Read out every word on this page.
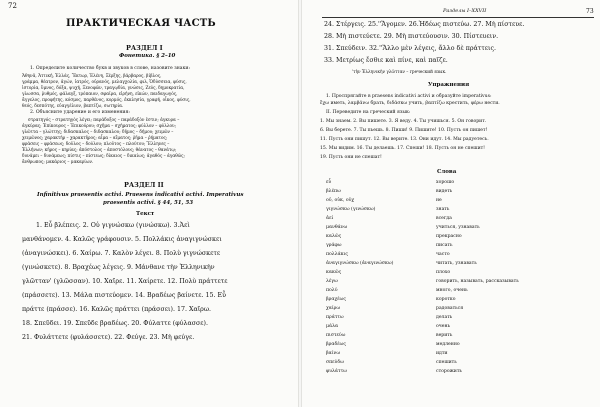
72
ПРАКТИЧЕСКАЯ ЧАСТЬ
РАЗДЕЛ I
Фонетика. § 2–10
1. Определите количество букв и звуков в слове, назовите знаки:
Ἀθηνᾶ, Ἀττική, Ἑλλάς, Ἕκτωρ, Ἑλένη, Ξέρξης, βάρβαρος, βίβλος,
γράμμα, θέατρον, ἀγών, ἰατρός, οὐρανός, μελαγχολία, φιλ, Ὀδύσσεια, φύσις,
ἱστορία, ὕμνος, δόξα, ψυχή, Ξενοφῶν, τραγῳδία, γνώσις, Ζεύς, δημοκρατία,
γλωσσα, ῥυθμός, φάλαγξ, τρόπαιον, σφαῖρα, εἰρήνη, εἰκών, παιδαγωγός,
ἄγγελος, προφήτης, κόσμος, παρθένος, κορμός, ἐκκλησία, γραφή, οἶκος, φύσις,
θεός, δεσπότης, εὐαγγέλιον, βαπτίζω, σωτηρία.
2. Объясните ударение и его изменения:
στρατηγός – στρατηγὸς λέγει; παράδοξος – παράδοξὸν ἐστιν; ἀγκυρα –
ἀγκύρας; Ἐπίκουρος – Ἐπικούρου; σχῆμα – σχήματος; φύλλον – φύλλου;
γλῶττα – γλώττης; διδασκαλος – διδασκαλου; δῆμος – δήμου; χειμῶν –
χειμῶνος; χαρακτήρ – χαρακτῆρος; αἷμα – αἵματος; ῥῆμα – ῥήματος;
φράσεις – φράσεως; δοῦλος – δούλου; πλοῦτος – πλούτου; Ἕλληνες –
Ἑλλήνων; κῆρος – κηρίας; ἀπόστολος – ἀποστόλους; θάνατος – θανάτῳ;
δυνάμει – δυνάμεως; πίστις – πίστεως; δίκαιος – δικαίως; ἀγαθός – ἀγαθῶς;
ἄνθρωπος; μακάριος – μακαρίων.
РАЗДЕЛ II
Infinitivus praesentis activi. Praesens indicativi activi. Imperativus
praesentis activi. § 44, 51, 53
Текст
1. Εὖ βλέπεις. 2. Οὐ γιγνώσκω (γινώσκω). 3.Ἀεὶ
μανθάνομεν. 4. Καλῶς γράφουσιν. 5. Πολλάκις ἀναγιγνώσκει
(ἀναγινώσκει). 6. Χαίρω. 7. Καλὸν λέγει. 8. Πολὺ γιγνώσκετε
(γινώσκετε). 8. Βραχέως λέγεις. 9. Μάνθανε τὴν Ἑλληνικὴν
γλῶτταν' (γλῶσσαν). 10. Χαῖρε. 11. Χαίρετε. 12. Πολὺ πράττετε
(πράσσετε). 13. Μάλα πιστεύομεν. 14. Βραδέως βαίνετε. 15. Εὖ
πράττε (πράσσε). 16. Καλῶς πράττει (πράσσει). 17. Χαῖρω.
18. Σπεῦδει. 19. Σπεῦδε βραδέως. 20. Φύλαττε (φύλασσε).
21. Φυλάττετε (φυλάσσετε). 22. Φεύγε. 23. Μὴ φεύγε.
Разделы I–XXVII	73
24. Στέργεις. 25.''Ἄγομεν. 26.Ἡδέως πιστεύω. 27. Μὴ πίστευε.
28. Μὴ πιστεύετε. 29. Μὴ πιστεύουσιν. 30. Πίστευειν.
31. Σπεύδειν. 32.''Ἄλλο μὲν λέγεις, ἄλλο δὲ πράττεις.
33. Μετρίως ἔσθιε καὶ πίνε, καὶ παῖζε.
'τὴν Ἑλληνικὴν γλῶτταν – греческий язык.
Упражнения
1. Проспрягайте в praesens indicativi activi и образуйте imperativus:
ἔχω иметь, λαμβάνω брать, διδάσκω учить, βαπτίζω крестить, φέρω нести.
II. Переведите на греческий язык:
1. Мы знаем. 2. Вы пишете. 3. Я веду. 4. Ты учишься. 5. Он говорит.
6. Вы берете. 7. Ты пьешь. 8. Пиши! 9. Пишите! 10. Пусть он пишет!
11. Пусть они пишут. 12. Вы верите. 13. Они идут. 14. Мы радуетесь.
15. Мы видим. 16. Ты делаешь. 17. Спеши! 18. Пусть он не спешит!
19. Пусть они не спешат!
Слова
εὖ	хорошо
βλέπω	видеть
οὐ, οὐκ, οὐχ	не
γιγνώσκω (γινώσκω)	знать
ἀεί	всегда
μανθάνω	учиться, узнавать
καλῶς	прекрасно
γράφω	писать
πολλάκις	часто
ἀναγιγνώσκω (ἀναγινώσκω)	читать, узнавать
κακῶς	плохо
λέγω	говорить, называть, рассказывать
πολύ	много, очень
βραχέως	коротко
χαίρω	радоваться
πράττω	делать
μάλα	очень
πιστεύω	верить
βραδέως	медленно
βαίνω	идти
σπεύδω	спешить
φυλάττω	сторожить
